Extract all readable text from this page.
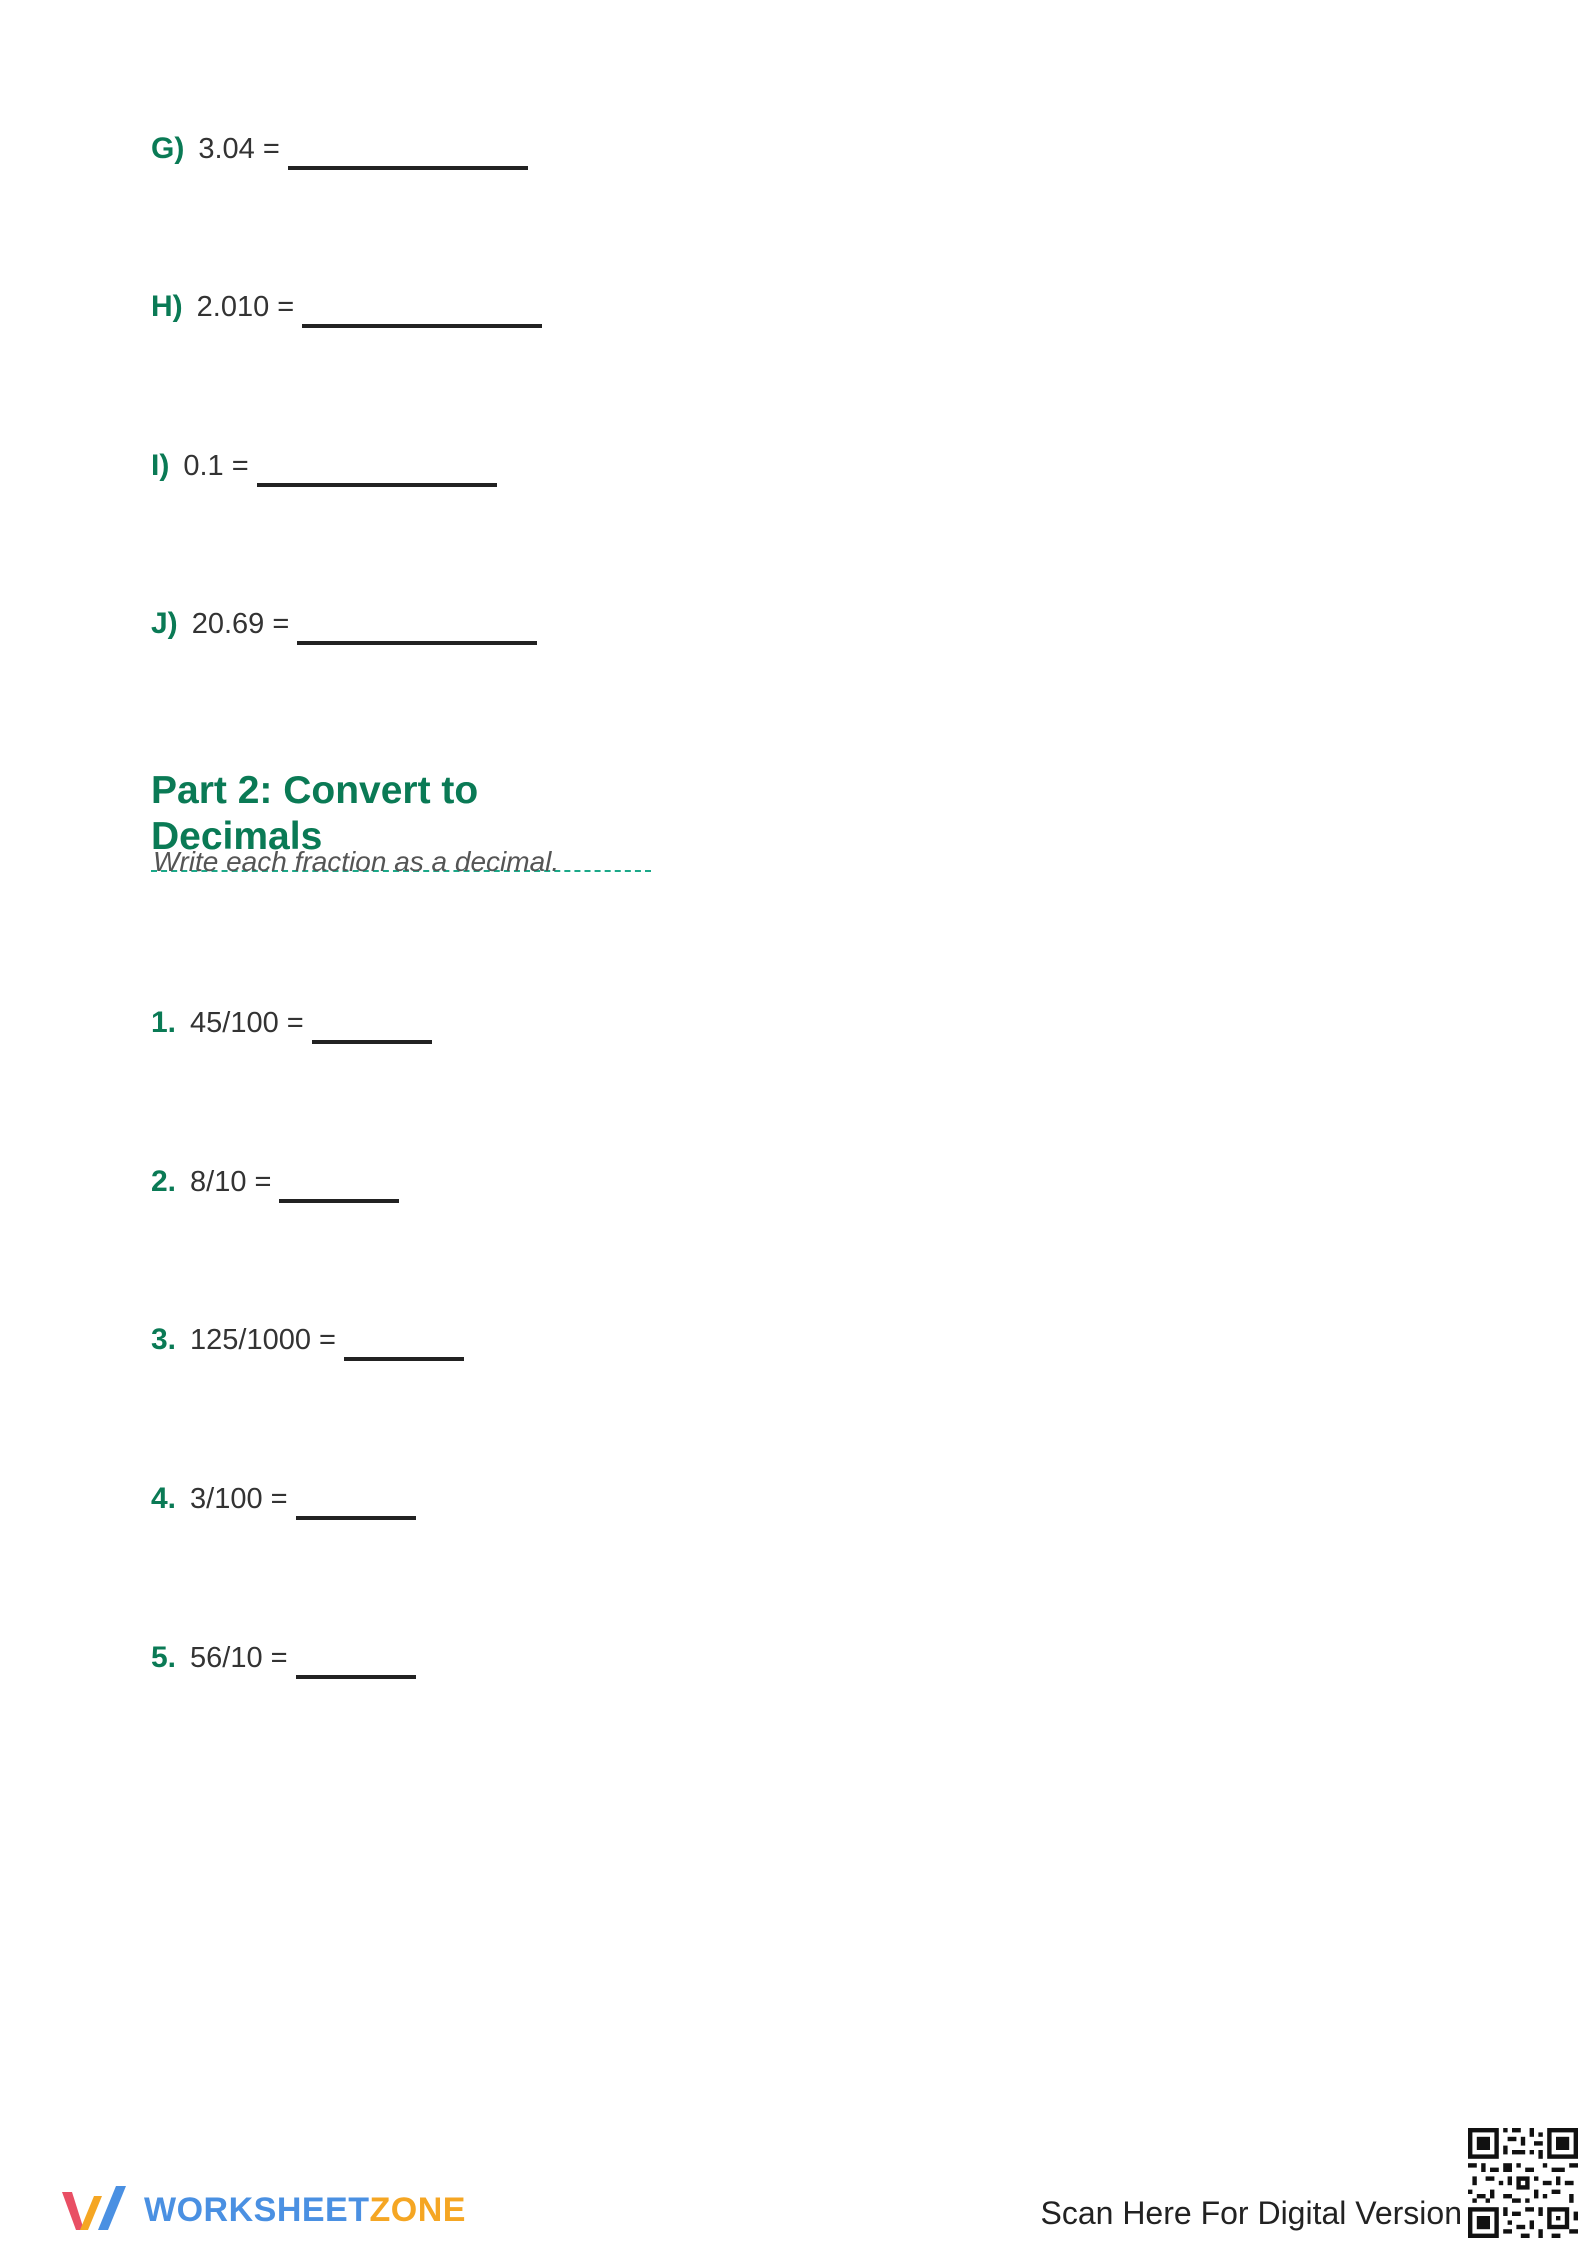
G) 3.04 =
H) 2.010 =
I) 0.1 =
J) 20.69 =
Part 2: Convert to Decimals
Write each fraction as a decimal.
1. 45/100 =
2. 8/10 =
3. 125/1000 =
4. 3/100 =
5. 56/10 =
WORKSHEET ZONE	Scan Here For Digital Version
